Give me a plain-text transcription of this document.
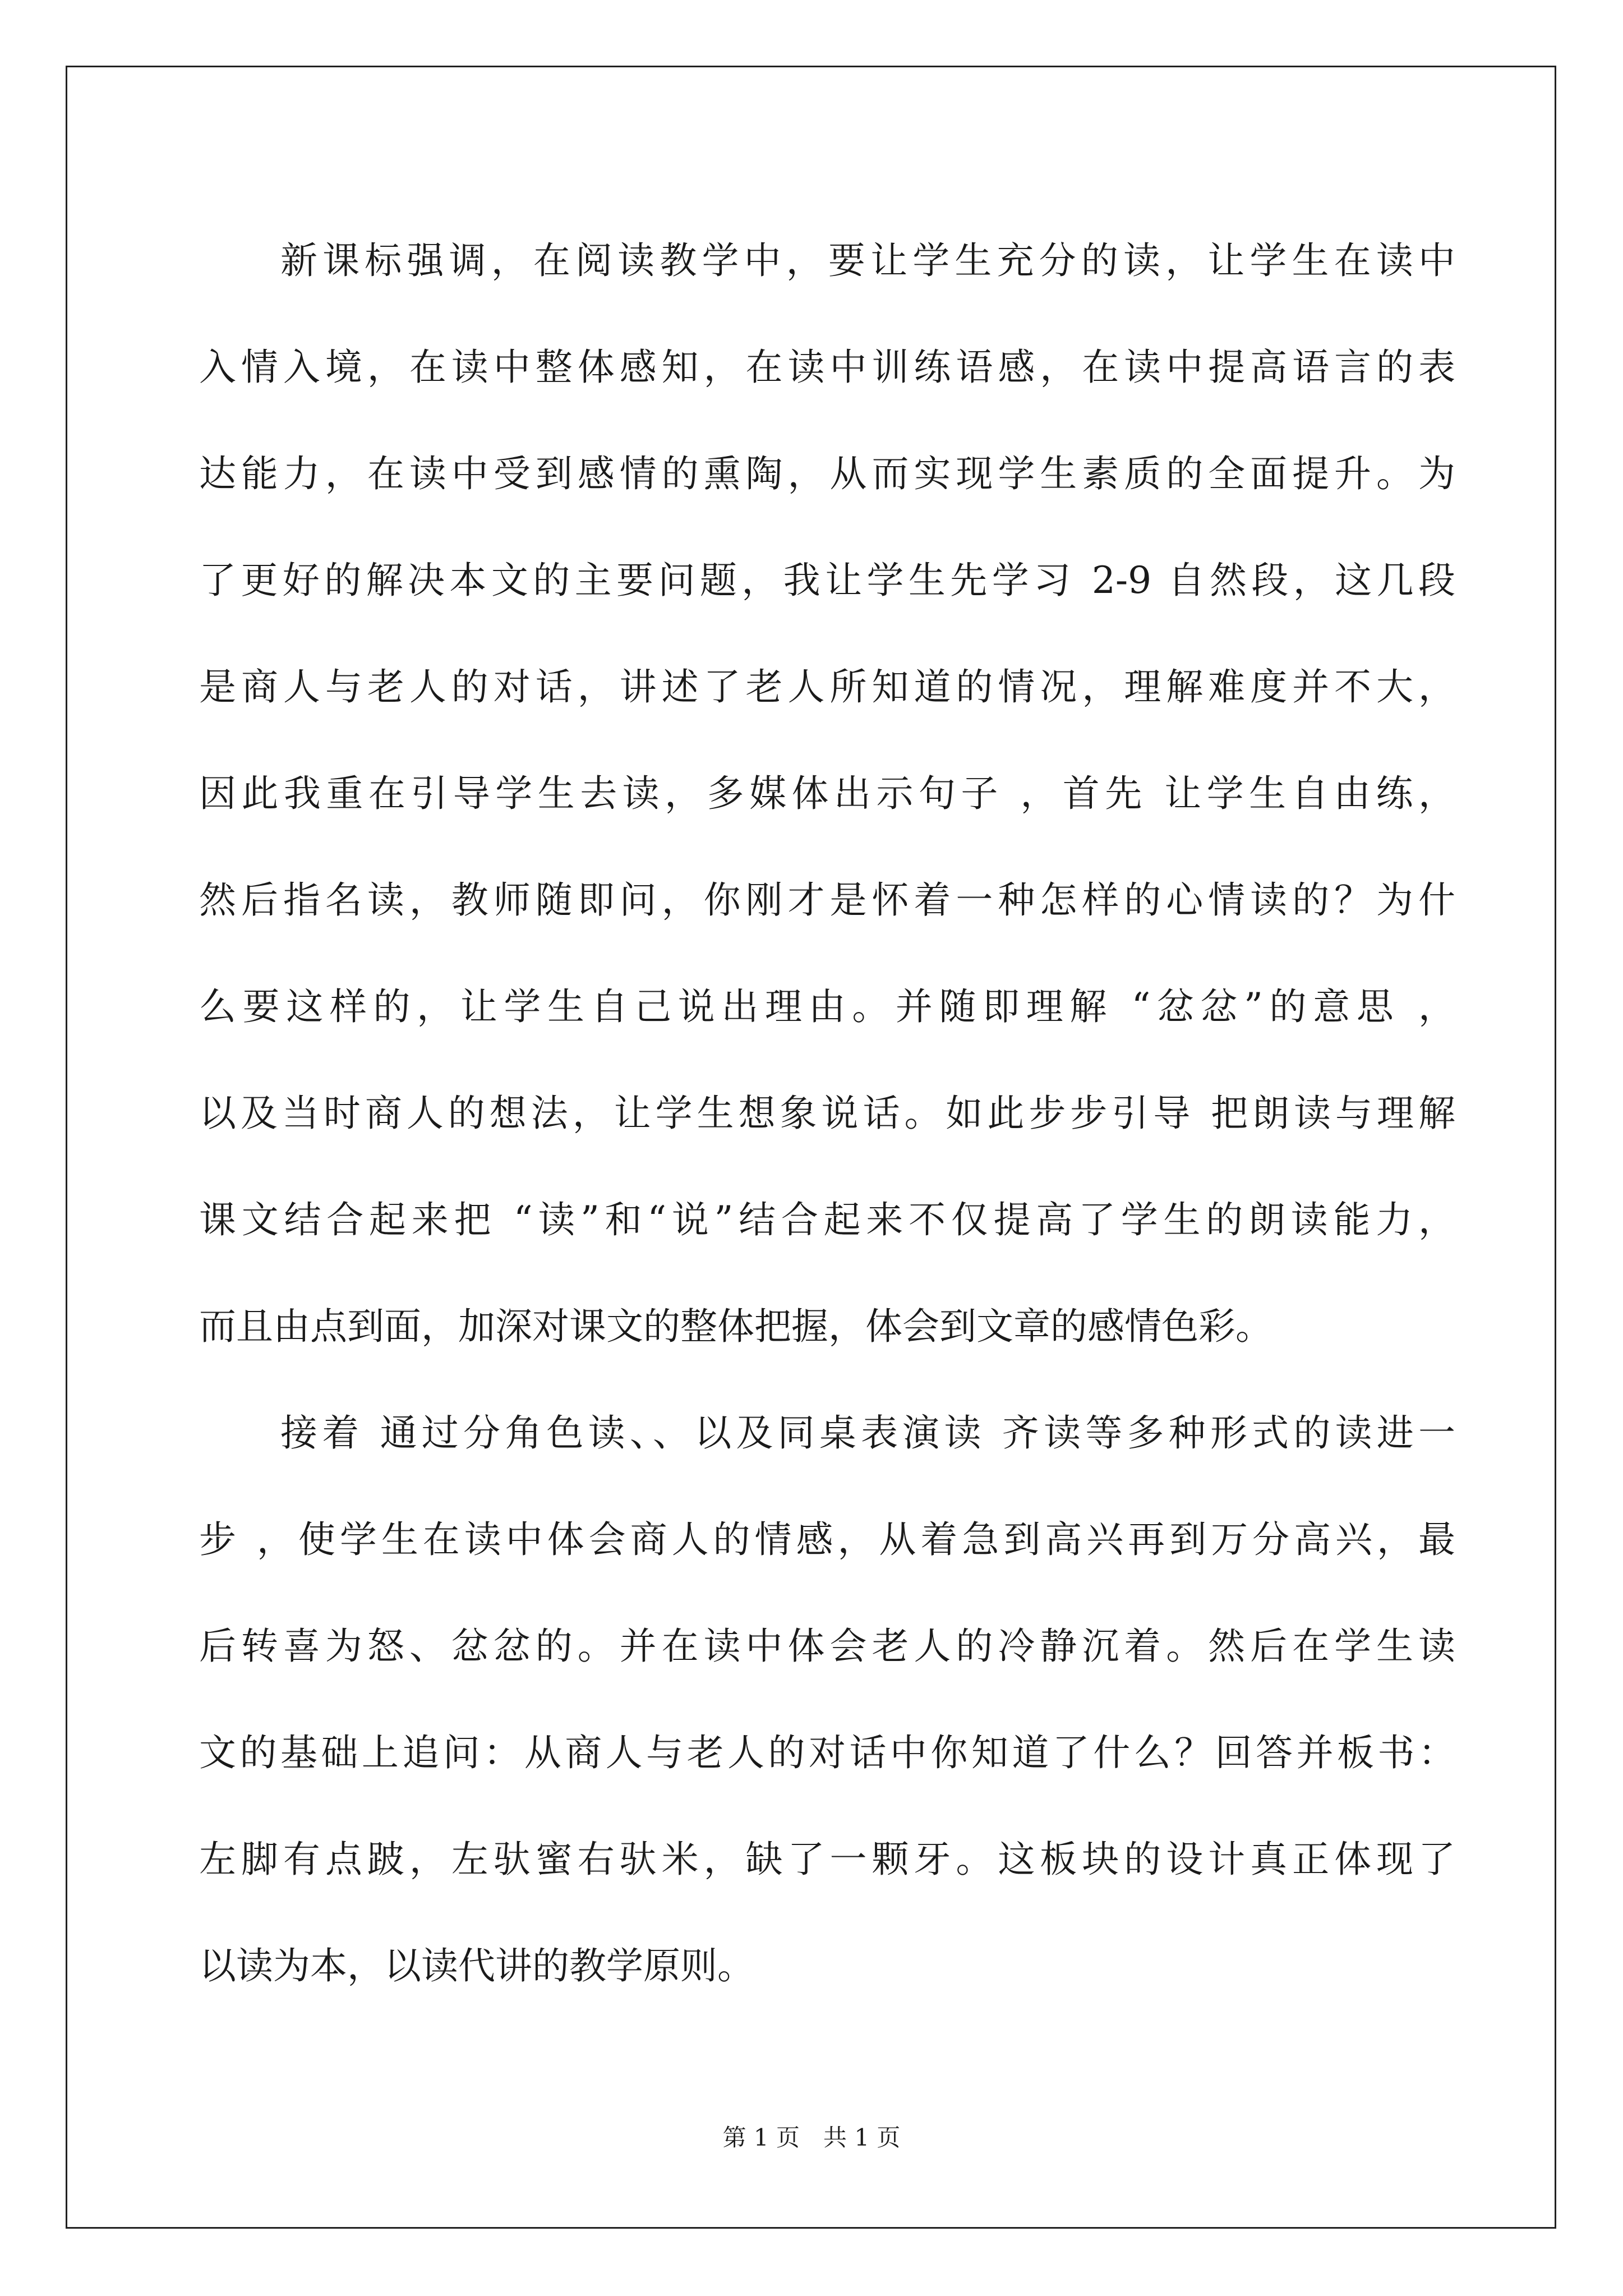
新课标强调，在阅读教学中，要让学生充分的读，让学生在读中
入情入境，在读中整体感知，在读中训练语感，在读中提高语言的表
达能力，在读中受到感情的熏陶，从而实现学生素质的全面提升。为
了更好的解决本文的主要问题，我让学生先学习 2-9 自然段，这几段
是商人与老人的对话，讲述了老人所知道的情况，理解难度并不大，
因此我重在引导学生去读，多媒体出示句子 ，首先 让学生自由练，
然后指名读，教师随即问，你刚才是怀着一种怎样的心情读的？为什
么要这样的，让学生自己说出理由。并随即理解 “忿忿”的意思 ，
以及当时商人的想法，让学生想象说话。如此步步引导 把朗读与理解
课文结合起来把 “读”和“说”结合起来不仅提高了学生的朗读能力，
而且由点到面，加深对课文的整体把握，体会到文章的感情色彩。
接着 通过分角色读、、以及同桌表演读 齐读等多种形式的读进一
步 ，使学生在读中体会商人的情感，从着急到高兴再到万分高兴，最
后转喜为怒、忿忿的。并在读中体会老人的冷静沉着。然后在学生读
文的基础上追问：从商人与老人的对话中你知道了什么？回答并板书：
左脚有点跛，左驮蜜右驮米，缺了一颗牙。这板块的设计真正体现了
以读为本，以读代讲的教学原则。
第 1 页　共 1 页
